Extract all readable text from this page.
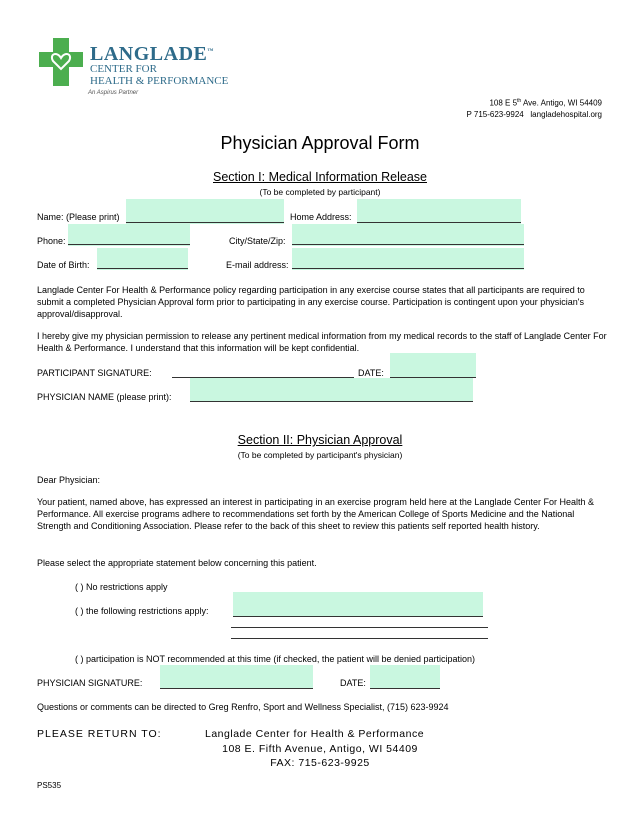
LANGLADE™
CENTER FOR
HEALTH & PERFORMANCE
An Aspirus Partner
108 E 5th Ave. Antigo, WI 54409
P 715-623-9924 langladehospital.org
Physician Approval Form
Section I: Medical Information Release
(To be completed by participant)
Name: (Please print)	Home Address:
Phone:	City/State/Zip:
Date of Birth:	E-mail address:
Langlade Center For Health & Performance policy regarding participation in any exercise course states that all participants are required to submit a completed Physician Approval form prior to participating in any exercise course. Participation is contingent upon your physician's approval/disapproval.
I hereby give my physician permission to release any pertinent medical information from my medical records to the staff of Langlade Center For Health & Performance. I understand that this information will be kept confidential.
PARTICIPANT SIGNATURE:	DATE:
PHYSICIAN NAME (please print):
Section II: Physician Approval
(To be completed by participant's physician)
Dear Physician:
Your patient, named above, has expressed an interest in participating in an exercise program held here at the Langlade Center For Health & Performance. All exercise programs adhere to recommendations set forth by the American College of Sports Medicine and the National Strength and Conditioning Association. Please refer to the back of this sheet to review this patients self reported health history.
Please select the appropriate statement below concerning this patient.
( ) No restrictions apply
( ) the following restrictions apply:
( ) participation is NOT recommended at this time (if checked, the patient will be denied participation)
PHYSICIAN SIGNATURE:	DATE:
Questions or comments can be directed to Greg Renfro, Sport and Wellness Specialist, (715) 623-9924
PLEASE RETURN TO:	Langlade Center for Health & Performance
108 E. Fifth Avenue, Antigo, WI 54409
FAX: 715-623-9925
PS535
